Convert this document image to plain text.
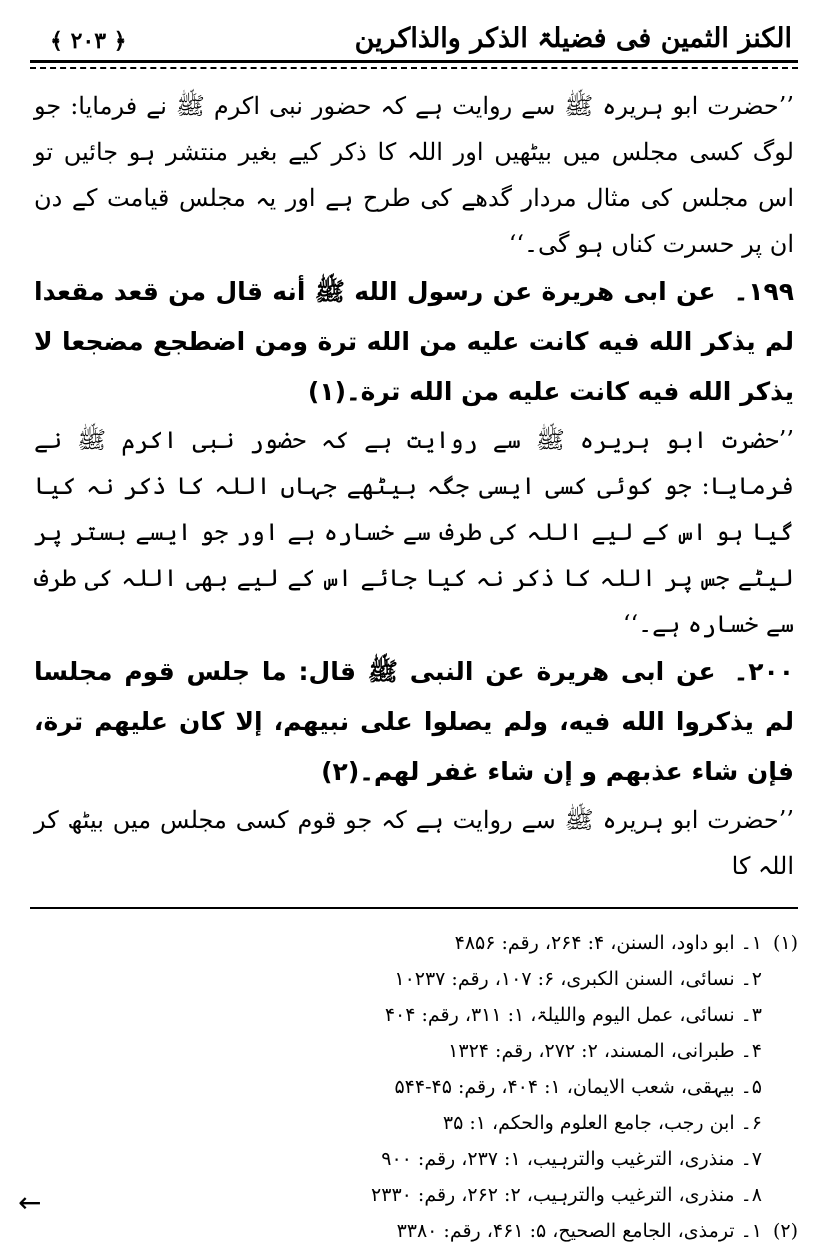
الکنز الثمین فی فضیلۃ الذکر والذاکرین
﴿ ۲۰۳ ﴾

’’حضرت ابو ہریرہ ﷺ سے روایت ہے کہ حضور نبی اکرم ﷺ نے فرمایا: جو لوگ کسی مجلس میں بیٹھیں اور اللہ کا ذکر کیے بغیر منتشر ہو جائیں تو اس مجلس کی مثال مردار گدھے کی طرح ہے اور یہ مجلس قیامت کے دن ان پر حسرت کناں ہو گی۔‘‘

۱۹۹۔عن ابی هريرة عن رسول الله ﷺ أنه قال من قعد مقعدا لم يذكر الله فيه كانت عليه من الله ترة ومن اضطجع مضجعا لا يذكر الله فيه كانت عليه من الله ترة۔(۱)

’’حضرت ابو ہریرہ ﷺ سے روایت ہے کہ حضور نبی اکرم ﷺ نے فرمایا: جو کوئی کسی ایسی جگہ بیٹھے جہاں اللہ کا ذکر نہ کیا گیا ہو اس کے لیے اللہ کی طرف سے خسارہ ہے اور جو ایسے بستر پر لیٹے جس پر اللہ کا ذکر نہ کیا جائے اس کے لیے بھی اللہ کی طرف سے خسارہ ہے۔‘‘

۲۰۰۔عن ابی هريرة عن النبی ﷺ قال: ما جلس قوم مجلسا لم يذكروا الله فيه، ولم يصلوا على نبيهم، إلا كان عليهم ترة، فإن شاء عذبهم و إن شاء غفر لهم۔(۲)

’’حضرت ابو ہریرہ ﷺ سے روایت ہے کہ جو قوم کسی مجلس میں بیٹھ کر اللہ کا

(۱)
۱۔ ابو داود، السنن، ۴: ۲۶۴، رقم: ۴۸۵۶
۲۔ نسائی، السنن الکبری، ۶: ۱۰۷، رقم: ۱۰۲۳۷
۳۔ نسائی، عمل الیوم واللیلۃ، ۱: ۳۱۱، رقم: ۴۰۴
۴۔ طبرانی، المسند، ۲: ۲۷۲، رقم: ۱۳۲۴
۵۔ بیہقی، شعب الایمان، ۱: ۴۰۴، رقم: ۴۵-۵۴۴
۶۔ ابن رجب، جامع العلوم والحکم، ۱: ۳۵
۷۔ منذری، الترغیب والترہیب، ۱: ۲۳۷، رقم: ۹۰۰
۸۔ منذری، الترغیب والترہیب، ۲: ۲۶۲، رقم: ۲۳۳۰
(۲)
۱۔ ترمذی، الجامع الصحیح، ۵: ۴۶۱، رقم: ۳۳۸۰
←
